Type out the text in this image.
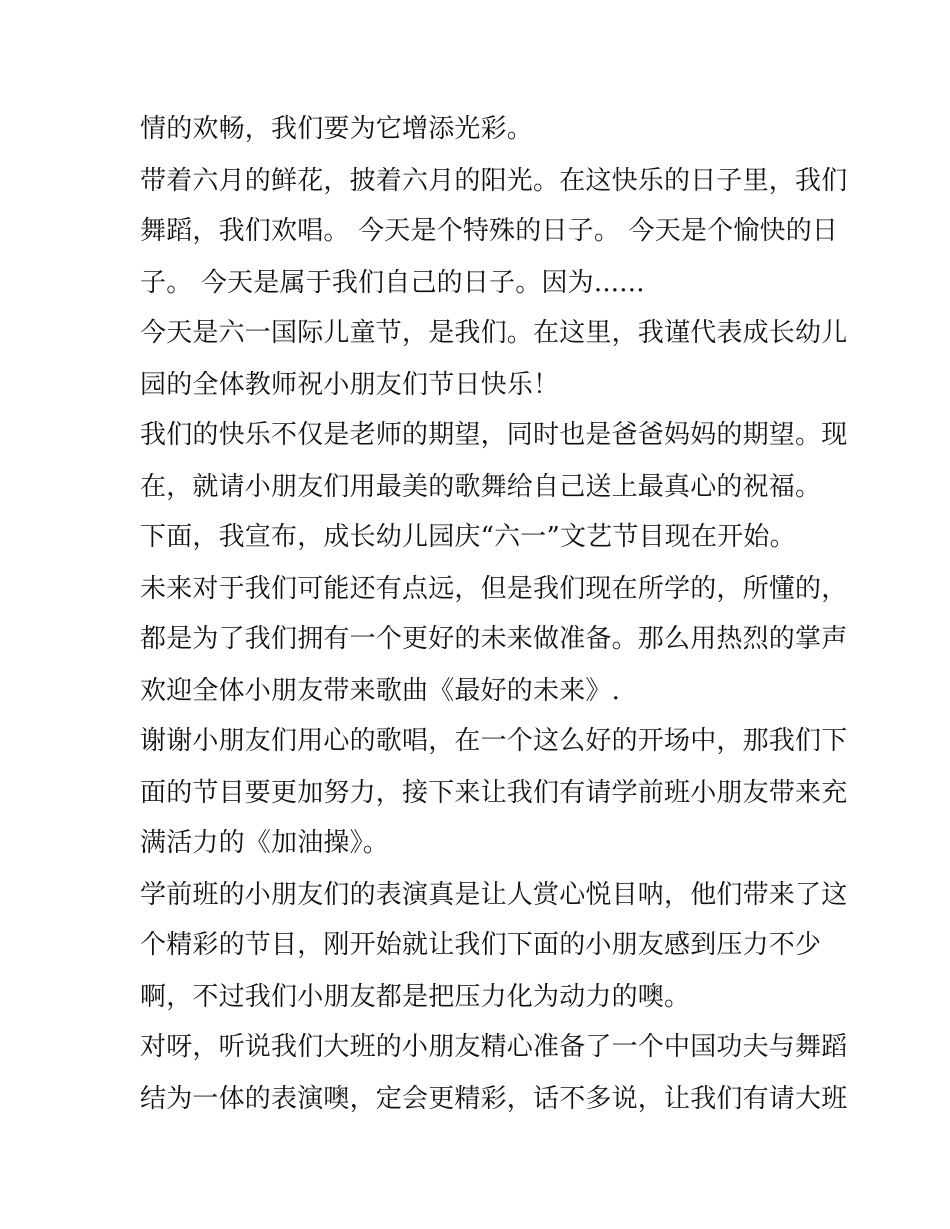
情的欢畅，我们要为它增添光彩。
带着六月的鲜花，披着六月的阳光。在这快乐的日子里，我们
舞蹈，我们欢唱。 今天是个特殊的日子。 今天是个愉快的日
子。 今天是属于我们自己的日子。因为......
今天是六一国际儿童节，是我们。在这里，我谨代表成长幼儿
园的全体教师祝小朋友们节日快乐！
我们的快乐不仅是老师的期望，同时也是爸爸妈妈的期望。现
在，就请小朋友们用最美的歌舞给自己送上最真心的祝福。
下面，我宣布，成长幼儿园庆“六一”文艺节目现在开始。
未来对于我们可能还有点远，但是我们现在所学的，所懂的，
都是为了我们拥有一个更好的未来做准备。那么用热烈的掌声
欢迎全体小朋友带来歌曲《最好的未来》.
谢谢小朋友们用心的歌唱，在一个这么好的开场中，那我们下
面的节目要更加努力，接下来让我们有请学前班小朋友带来充
满活力的《加油操》。
学前班的小朋友们的表演真是让人赏心悦目呐，他们带来了这
个精彩的节目，刚开始就让我们下面的小朋友感到压力不少
啊，不过我们小朋友都是把压力化为动力的噢。
对呀，听说我们大班的小朋友精心准备了一个中国功夫与舞蹈
结为一体的表演噢，定会更精彩，话不多说，让我们有请大班
